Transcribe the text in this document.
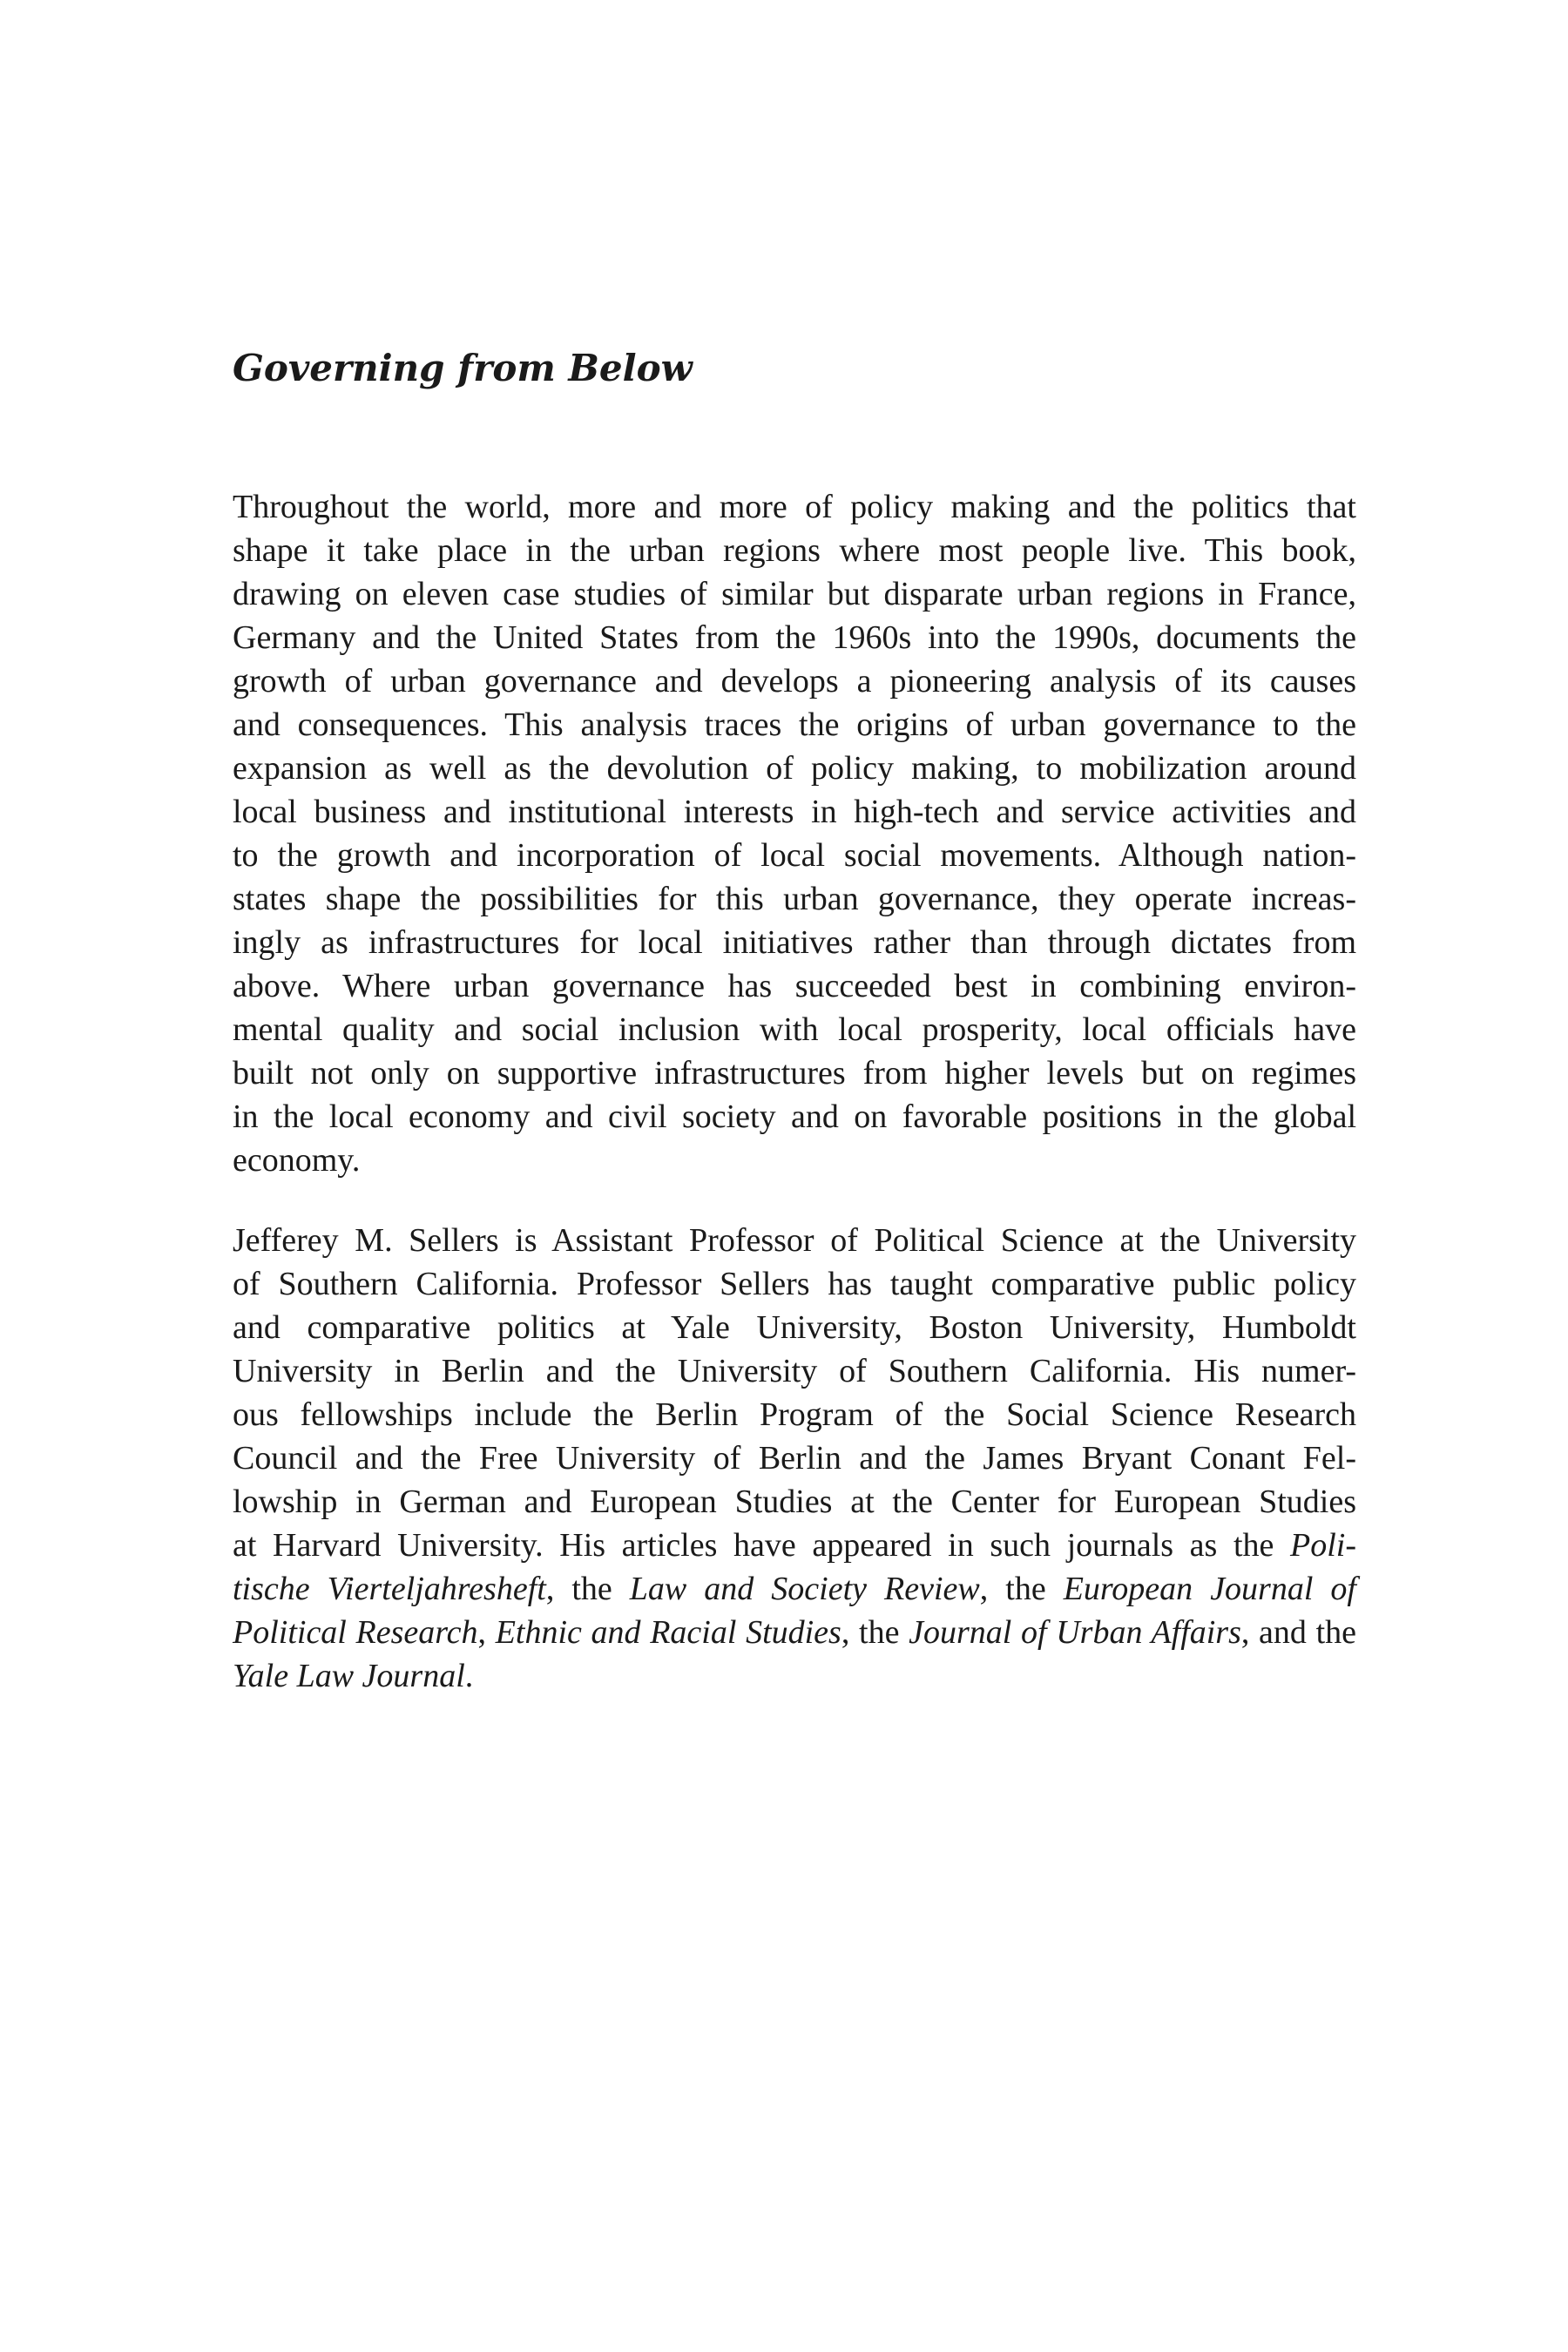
Governing from Below
Throughout the world, more and more of policy making and the politics that
shape it take place in the urban regions where most people live. This book,
drawing on eleven case studies of similar but disparate urban regions in France,
Germany and the United States from the 1960s into the 1990s, documents the
growth of urban governance and develops a pioneering analysis of its causes
and consequences. This analysis traces the origins of urban governance to the
expansion as well as the devolution of policy making, to mobilization around
local business and institutional interests in high-tech and service activities and
to the growth and incorporation of local social movements. Although nation-
states shape the possibilities for this urban governance, they operate increas-
ingly as infrastructures for local initiatives rather than through dictates from
above. Where urban governance has succeeded best in combining environ-
mental quality and social inclusion with local prosperity, local officials have
built not only on supportive infrastructures from higher levels but on regimes
in the local economy and civil society and on favorable positions in the global
economy.
Jefferey M. Sellers is Assistant Professor of Political Science at the University
of Southern California. Professor Sellers has taught comparative public policy
and comparative politics at Yale University, Boston University, Humboldt
University in Berlin and the University of Southern California. His numer-
ous fellowships include the Berlin Program of the Social Science Research
Council and the Free University of Berlin and the James Bryant Conant Fel-
lowship in German and European Studies at the Center for European Studies
at Harvard University. His articles have appeared in such journals as the Poli-
tische Vierteljahresheft, the Law and Society Review, the European Journal of
Political Research, Ethnic and Racial Studies, the Journal of Urban Affairs, and the
Yale Law Journal.
